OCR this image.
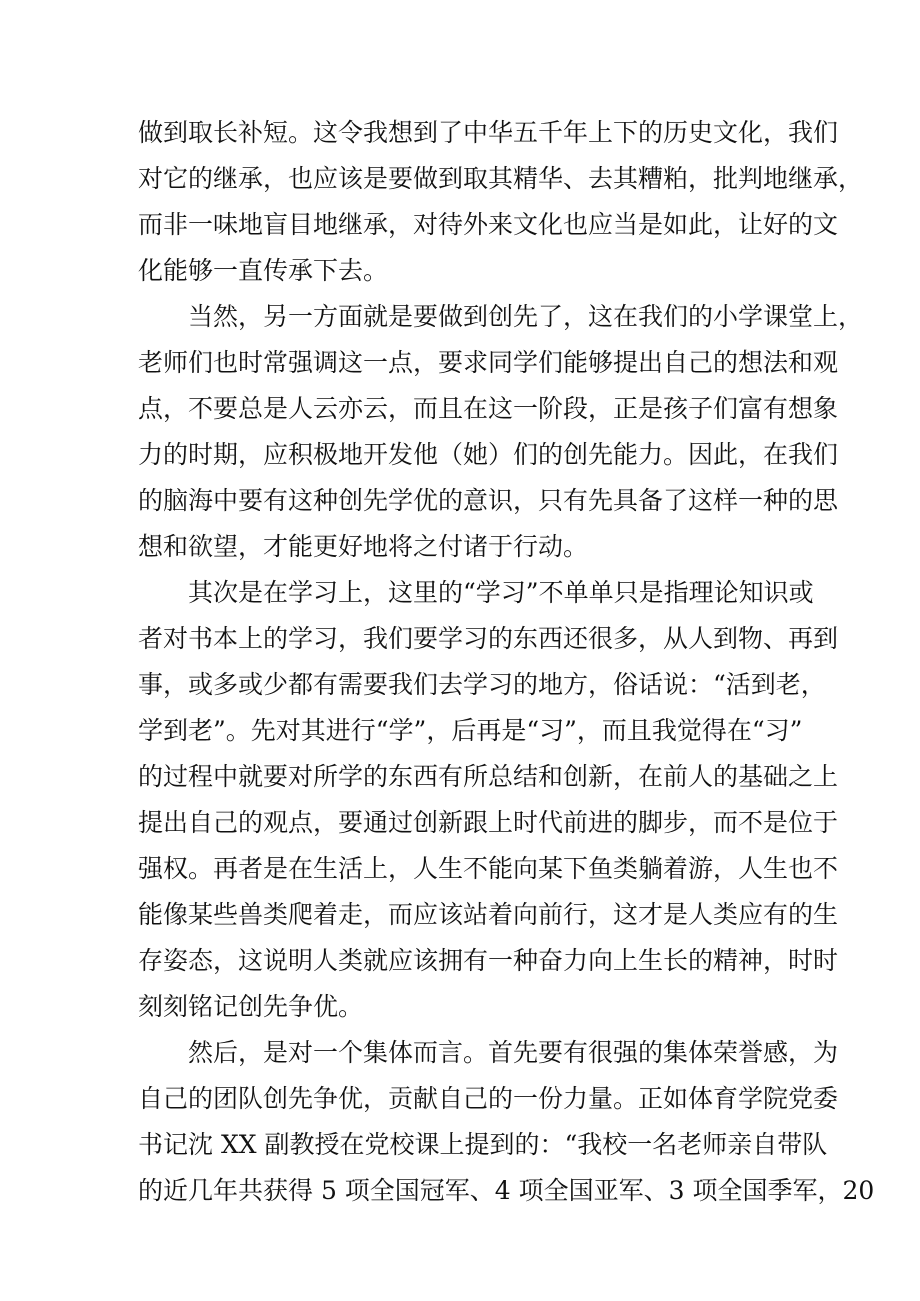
做到取长补短。这令我想到了中华五千年上下的历史文化，我们
对它的继承，也应该是要做到取其精华、去其糟粕，批判地继承，
而非一味地盲目地继承，对待外来文化也应当是如此，让好的文
化能够一直传承下去。
当然，另一方面就是要做到创先了，这在我们的小学课堂上，
老师们也时常强调这一点，要求同学们能够提出自己的想法和观
点，不要总是人云亦云，而且在这一阶段，正是孩子们富有想象
力的时期，应积极地开发他（她）们的创先能力。因此，在我们
的脑海中要有这种创先学优的意识，只有先具备了这样一种的思
想和欲望，才能更好地将之付诸于行动。
其次是在学习上，这里的“学习”不单单只是指理论知识或
者对书本上的学习，我们要学习的东西还很多，从人到物、再到
事，或多或少都有需要我们去学习的地方，俗话说：“活到老，
学到老”。先对其进行“学”，后再是“习”，而且我觉得在“习”
的过程中就要对所学的东西有所总结和创新，在前人的基础之上
提出自己的观点，要通过创新跟上时代前进的脚步，而不是位于
强权。再者是在生活上，人生不能向某下鱼类躺着游，人生也不
能像某些兽类爬着走，而应该站着向前行，这才是人类应有的生
存姿态，这说明人类就应该拥有一种奋力向上生长的精神，时时
刻刻铭记创先争优。
然后，是对一个集体而言。首先要有很强的集体荣誉感，为
自己的团队创先争优，贡献自己的一份力量。正如体育学院党委
书记沈 XX 副教授在党校课上提到的：“我校一名老师亲自带队
的近几年共获得 5 项全国冠军、4 项全国亚军、3 项全国季军，20
